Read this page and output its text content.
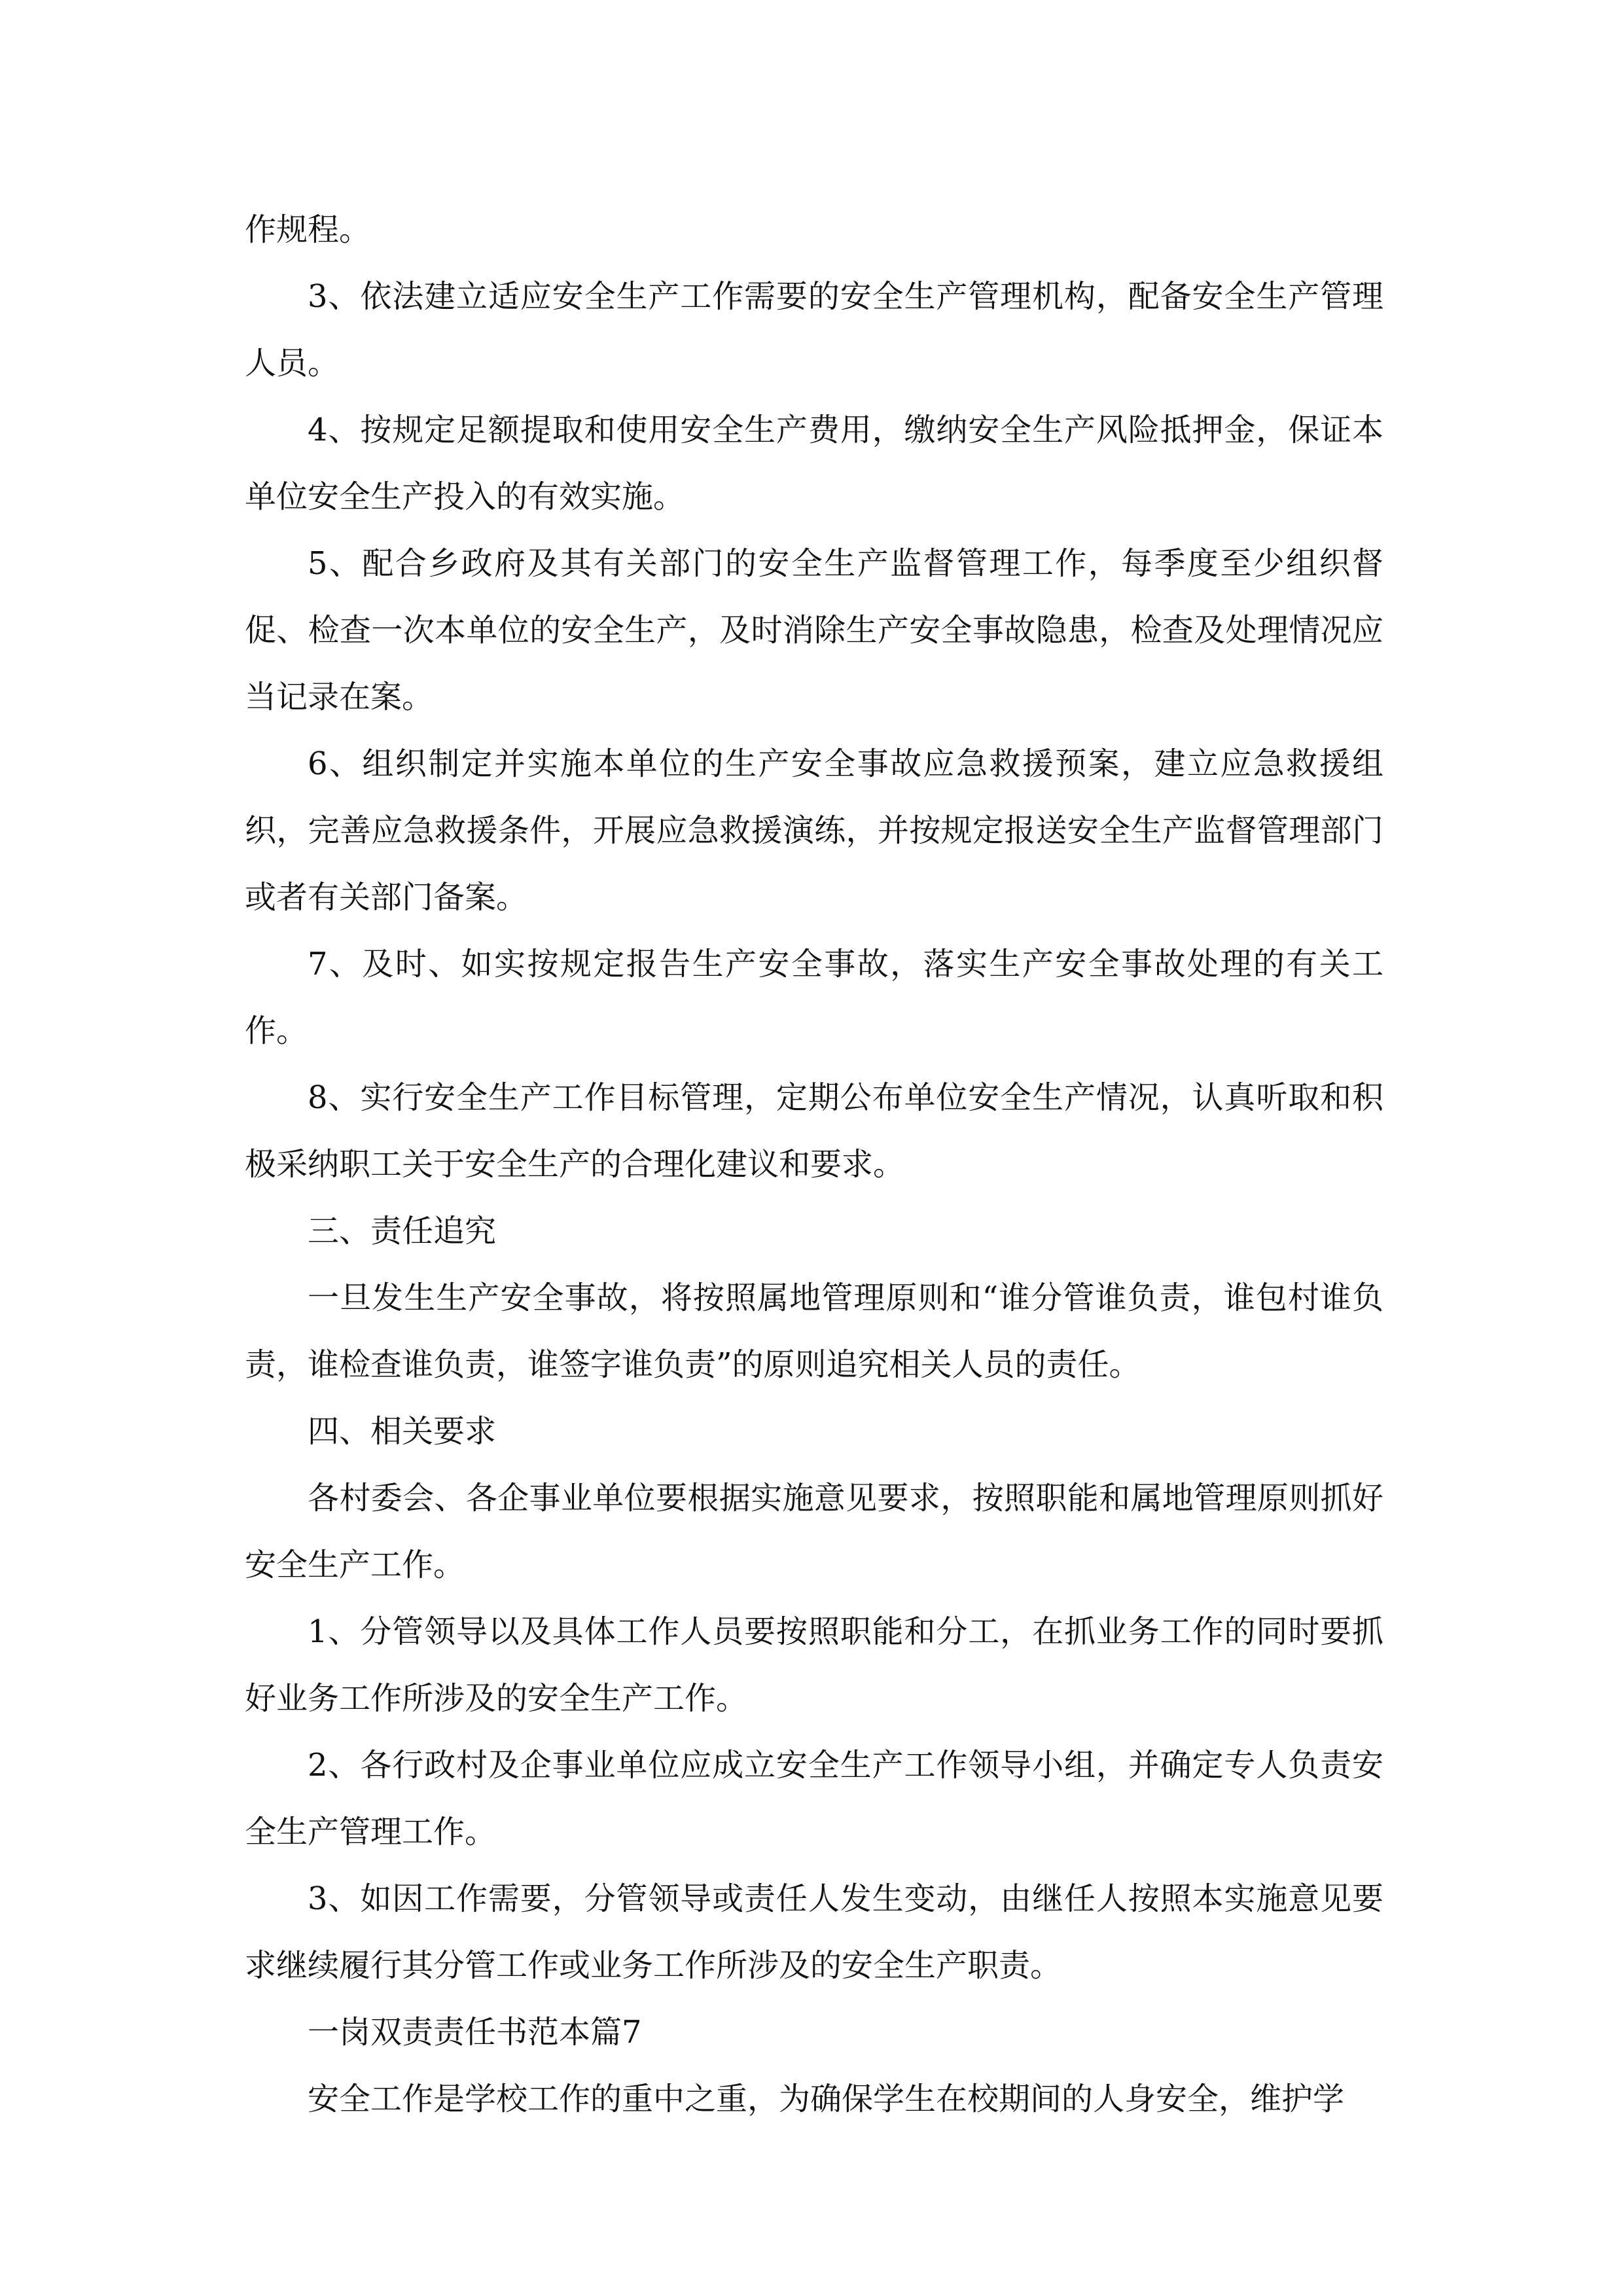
作规程。

3、依法建立适应安全生产工作需要的安全生产管理机构，配备安全生产管理人员。

4、按规定足额提取和使用安全生产费用，缴纳安全生产风险抵押金，保证本单位安全生产投入的有效实施。

5、配合乡政府及其有关部门的安全生产监督管理工作，每季度至少组织督促、检查一次本单位的安全生产，及时消除生产安全事故隐患，检查及处理情况应当记录在案。

6、组织制定并实施本单位的生产安全事故应急救援预案，建立应急救援组织，完善应急救援条件，开展应急救援演练，并按规定报送安全生产监督管理部门或者有关部门备案。

7、及时、如实按规定报告生产安全事故，落实生产安全事故处理的有关工作。

8、实行安全生产工作目标管理，定期公布单位安全生产情况，认真听取和积极采纳职工关于安全生产的合理化建议和要求。

三、责任追究

一旦发生生产安全事故，将按照属地管理原则和“谁分管谁负责，谁包村谁负责，谁检查谁负责，谁签字谁负责”的原则追究相关人员的责任。

四、相关要求

各村委会、各企事业单位要根据实施意见要求，按照职能和属地管理原则抓好安全生产工作。

1、分管领导以及具体工作人员要按照职能和分工，在抓业务工作的同时要抓好业务工作所涉及的安全生产工作。

2、各行政村及企事业单位应成立安全生产工作领导小组，并确定专人负责安全生产管理工作。

3、如因工作需要，分管领导或责任人发生变动，由继任人按照本实施意见要求继续履行其分管工作或业务工作所涉及的安全生产职责。

一岗双责责任书范本篇7

安全工作是学校工作的重中之重，为确保学生在校期间的人身安全，维护学
